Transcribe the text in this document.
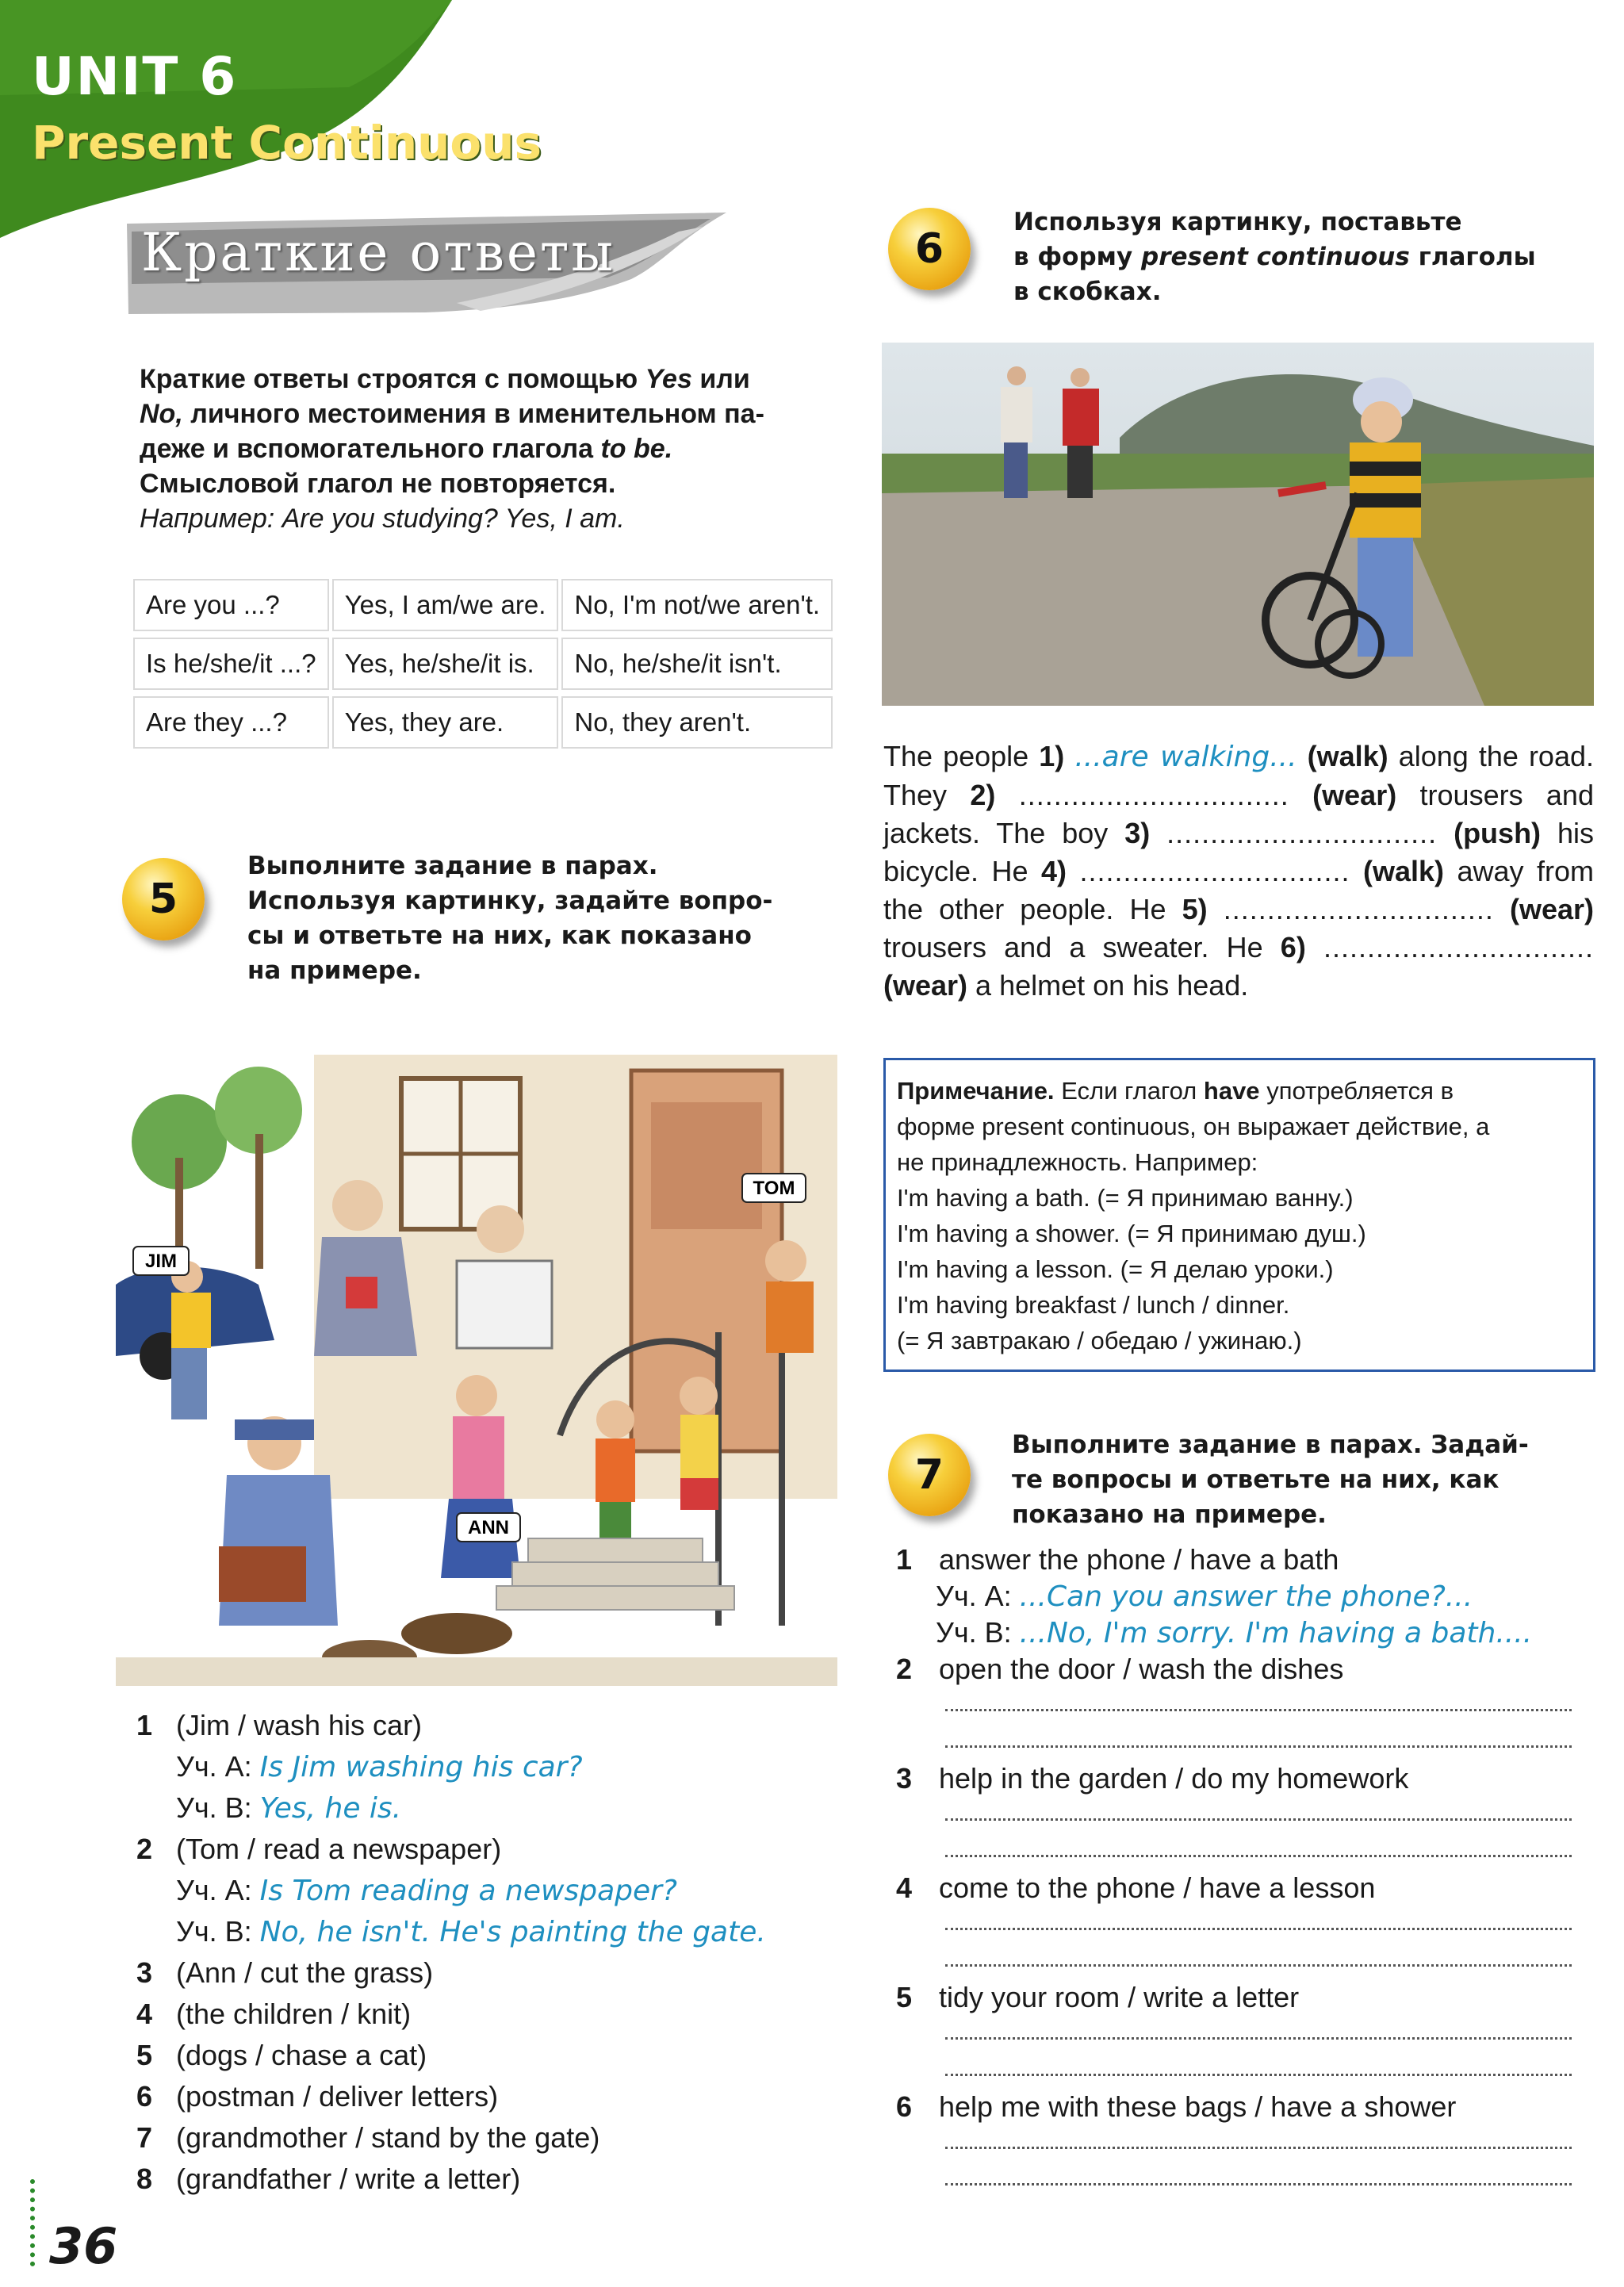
UNIT 6
Present Continuous
Краткие ответы
Краткие ответы строятся с помощью Yes или
No, личного местоимения в именительном па-
деже и вспомогательного глагола to be.
Смысловой глагол не повторяется.
Например: Are you studying? Yes, I am.
Are you ...?	Yes, I am/we are.	No, I'm not/we aren't.
Is he/she/it ...?	Yes, he/she/it is.	No, he/she/it isn't.
Are they ...?	Yes, they are.	No, they aren't.
5
Выполните задание в парах.
Используя картинку, задайте вопро-
сы и ответьте на них, как показано
на примере.
JIM
TOM
ANN
1 (Jim / wash his car)
Уч. А: Is Jim washing his car?
Уч. В: Yes, he is.
2 (Tom / read a newspaper)
Уч. А: Is Tom reading a newspaper?
Уч. В: No, he isn't. He's painting the gate.
3 (Ann / cut the grass)
4 (the children / knit)
5 (dogs / chase a cat)
6 (postman / deliver letters)
7 (grandmother / stand by the gate)
8 (grandfather / write a letter)
6
Используя картинку, поставьте
в форму present continuous глаголы
в скобках.
The people 1) ...are walking... (walk) along the road. They 2) ............................... (wear) trousers and jackets. The boy 3) ............................... (push) his bicycle. He 4) ............................... (walk) away from the other people. He 5) ............................... (wear) trousers and a sweater. He 6) ............................... (wear) a helmet on his head.
Примечание. Если глагол have употребляется в
форме present continuous, он выражает действие, а
не принадлежность. Например:
I'm having a bath. (= Я принимаю ванну.)
I'm having a shower. (= Я принимаю душ.)
I'm having a lesson. (= Я делаю уроки.)
I'm having breakfast / lunch / dinner.
(= Я завтракаю / обедаю / ужинаю.)
7
Выполните задание в парах. Задай-
те вопросы и ответьте на них, как
показано на примере.
1 answer the phone / have a bath
Уч. А: ...Can you answer the phone?...
Уч. В: ...No, I'm sorry. I'm having a bath....
2 open the door / wash the dishes
3 help in the garden / do my homework
4 come to the phone / have a lesson
5 tidy your room / write a letter
6 help me with these bags / have a shower
36
